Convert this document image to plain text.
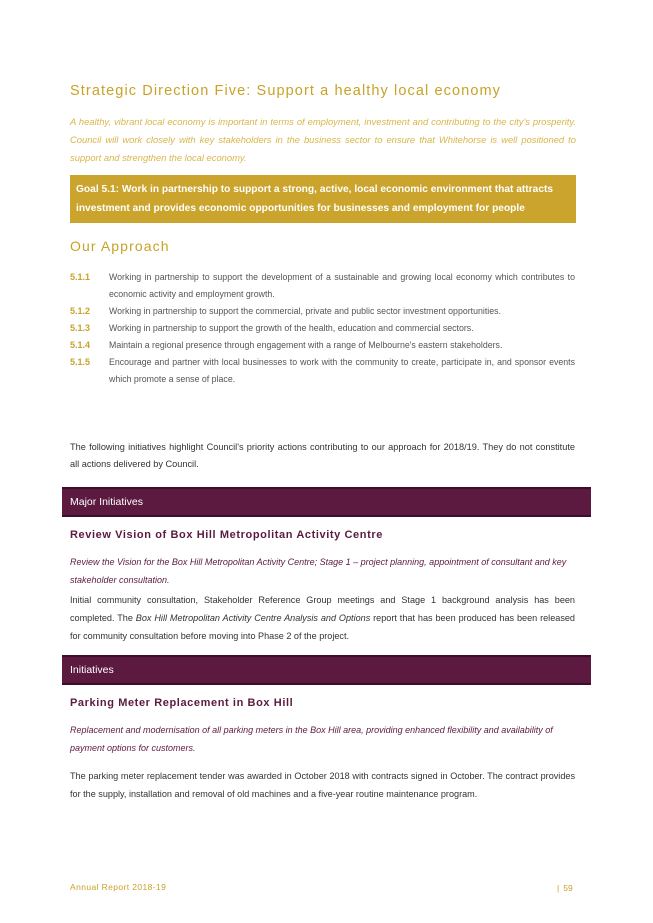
Strategic Direction Five: Support a healthy local economy
A healthy, vibrant local economy is important in terms of employment, investment and contributing to the city's prosperity. Council will work closely with key stakeholders in the business sector to ensure that Whitehorse is well positioned to support and strengthen the local economy.
Goal 5.1: Work in partnership to support a strong, active, local economic environment that attracts investment and provides economic opportunities for businesses and employment for people
Our Approach
5.1.1 Working in partnership to support the development of a sustainable and growing local economy which contributes to economic activity and employment growth.
5.1.2 Working in partnership to support the commercial, private and public sector investment opportunities.
5.1.3 Working in partnership to support the growth of the health, education and commercial sectors.
5.1.4 Maintain a regional presence through engagement with a range of Melbourne's eastern stakeholders.
5.1.5 Encourage and partner with local businesses to work with the community to create, participate in, and sponsor events which promote a sense of place.
The following initiatives highlight Council's priority actions contributing to our approach for 2018/19. They do not constitute all actions delivered by Council.
Major Initiatives
Review Vision of Box Hill Metropolitan Activity Centre
Review the Vision for the Box Hill Metropolitan Activity Centre; Stage 1 – project planning, appointment of consultant and key stakeholder consultation.
Initial community consultation, Stakeholder Reference Group meetings and Stage 1 background analysis has been completed. The Box Hill Metropolitan Activity Centre Analysis and Options report that has been produced has been released for community consultation before moving into Phase 2 of the project.
Initiatives
Parking Meter Replacement in Box Hill
Replacement and modernisation of all parking meters in the Box Hill area, providing enhanced flexibility and availability of payment options for customers.
The parking meter replacement tender was awarded in October 2018 with contracts signed in October. The contract provides for the supply, installation and removal of old machines and a five-year routine maintenance program.
Annual Report 2018-19	| 59
